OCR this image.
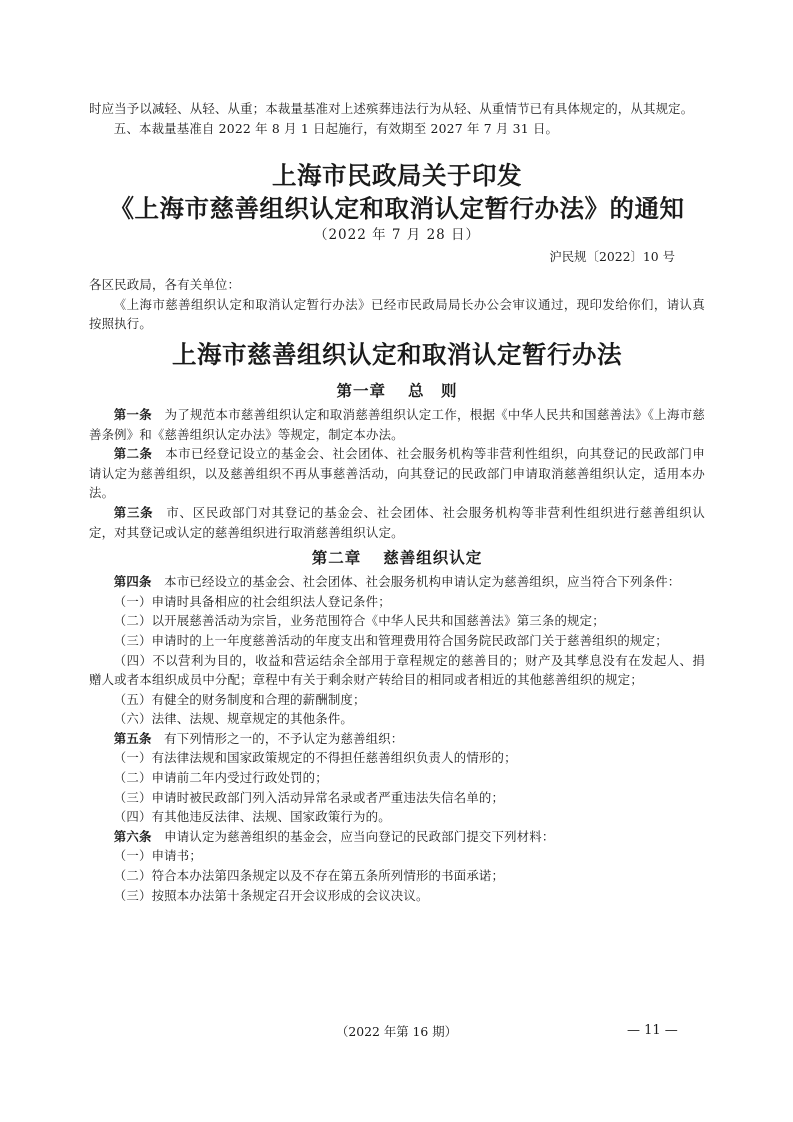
时应当予以减轻、从轻、从重；本裁量基准对上述殡葬违法行为从轻、从重情节已有具体规定的，从其规定。

五、本裁量基准自 2022 年 8 月 1 日起施行，有效期至 2027 年 7 月 31 日。

上海市民政局关于印发
《上海市慈善组织认定和取消认定暂行办法》的通知

（2022 年 7 月 28 日）

沪民规〔2022〕10 号

各区民政局，各有关单位：

《上海市慈善组织认定和取消认定暂行办法》已经市民政局局长办公会审议通过，现印发给你们，请认真按照执行。

上海市慈善组织认定和取消认定暂行办法
第一章 总　则

第一条　 为了规范本市慈善组织认定和取消慈善组织认定工作，根据《中华人民共和国慈善法》《上海市慈善条例》和《慈善组织认定办法》等规定，制定本办法。

第二条　 本市已经登记设立的基金会、社会团体、社会服务机构等非营利性组织，向其登记的民政部门申请认定为慈善组织，以及慈善组织不再从事慈善活动，向其登记的民政部门申请取消慈善组织认定，适用本办法。

第三条　 市、区民政部门对其登记的基金会、社会团体、社会服务机构等非营利性组织进行慈善组织认定，对其登记或认定的慈善组织进行取消慈善组织认定。

第二章 慈善组织认定

第四条　 本市已经设立的基金会、社会团体、社会服务机构申请认定为慈善组织，应当符合下列条件：

（一）申请时具备相应的社会组织法人登记条件；

（二）以开展慈善活动为宗旨，业务范围符合《中华人民共和国慈善法》第三条的规定；

（三）申请时的上一年度慈善活动的年度支出和管理费用符合国务院民政部门关于慈善组织的规定；

（四）不以营利为目的，收益和营运结余全部用于章程规定的慈善目的；财产及其孳息没有在发起人、捐赠人或者本组织成员中分配；章程中有关于剩余财产转给目的相同或者相近的其他慈善组织的规定；

（五）有健全的财务制度和合理的薪酬制度；

（六）法律、法规、规章规定的其他条件。

第五条　 有下列情形之一的，不予认定为慈善组织：

（一）有法律法规和国家政策规定的不得担任慈善组织负责人的情形的；

（二）申请前二年内受过行政处罚的；

（三）申请时被民政部门列入活动异常名录或者严重违法失信名单的；

（四）有其他违反法律、法规、国家政策行为的。

第六条　 申请认定为慈善组织的基金会，应当向登记的民政部门提交下列材料：

（一）申请书；

（二）符合本办法第四条规定以及不存在第五条所列情形的书面承诺；

（三）按照本办法第十条规定召开会议形成的会议决议。

（2022 年第 16 期）	— 11 —
